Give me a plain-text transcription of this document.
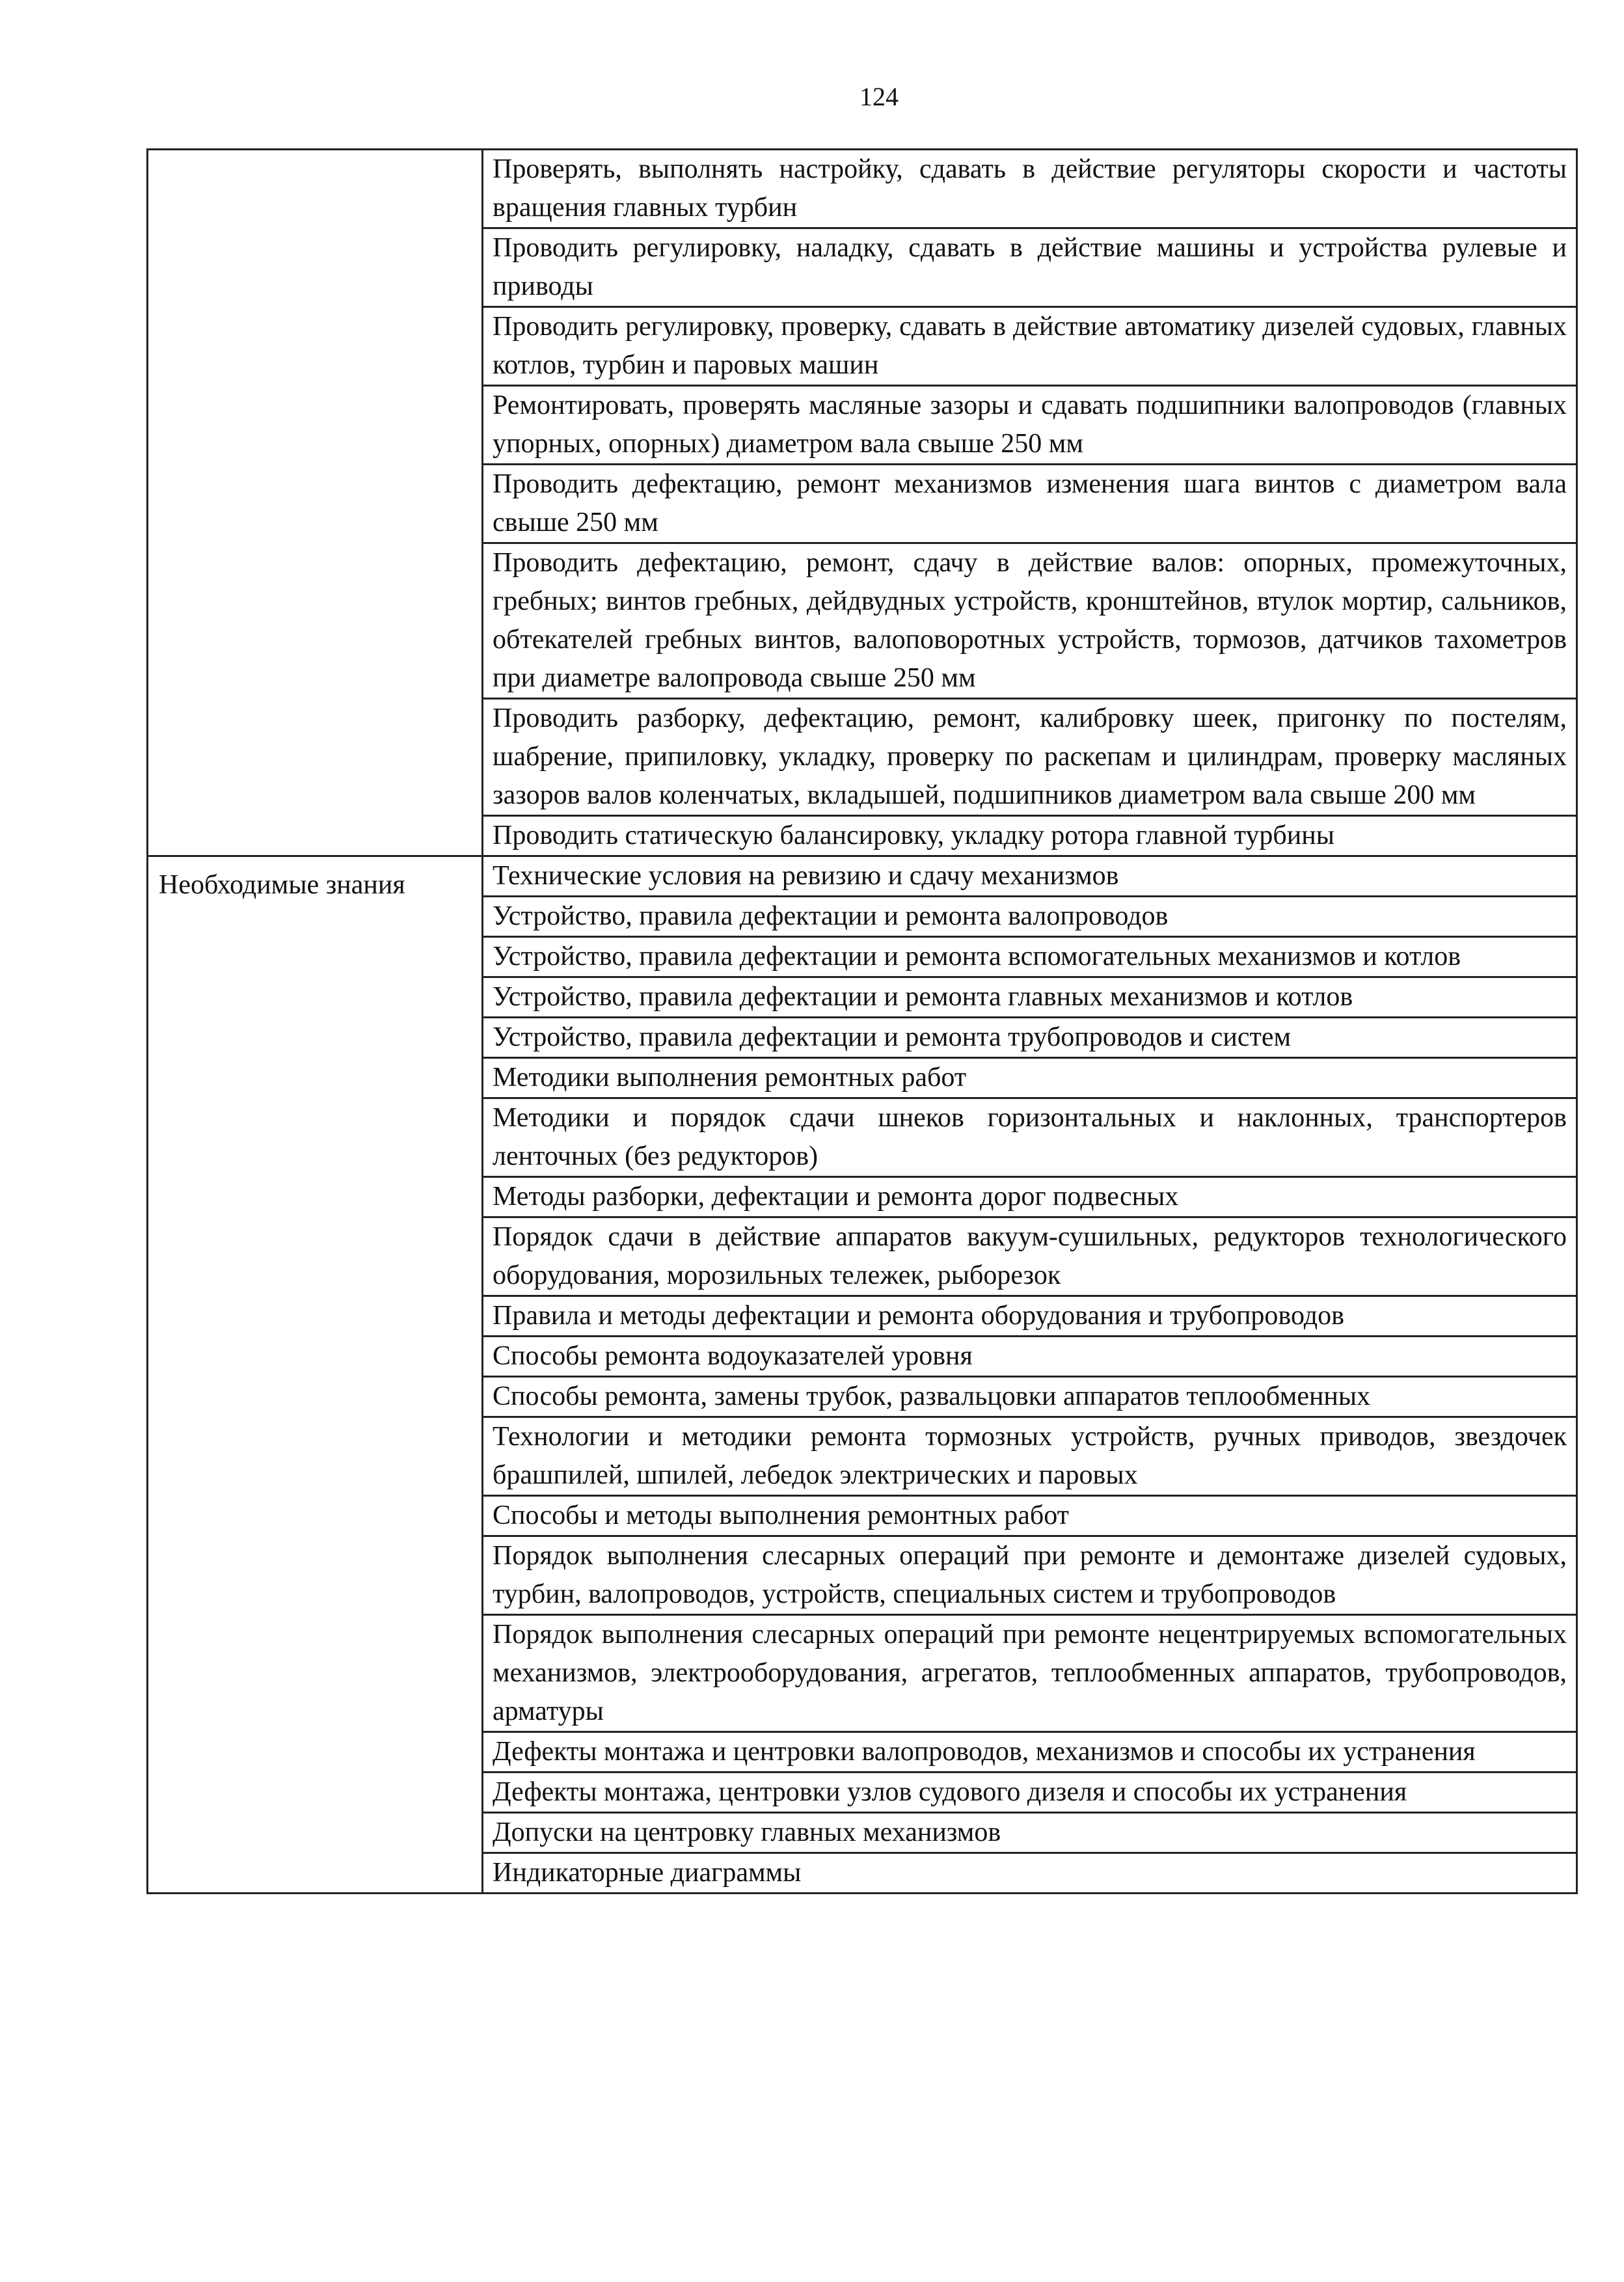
124
	Проверять, выполнять настройку, сдавать в действие регуляторы скорости и частоты вращения главных турбин
	Проводить регулировку, наладку, сдавать в действие машины и устройства рулевые и приводы
	Проводить регулировку, проверку, сдавать в действие автоматику дизелей судовых, главных котлов, турбин и паровых машин
	Ремонтировать, проверять масляные зазоры и сдавать подшипники валопроводов (главных упорных, опорных) диаметром вала свыше 250 мм
	Проводить дефектацию, ремонт механизмов изменения шага винтов с диаметром вала свыше 250 мм
	Проводить дефектацию, ремонт, сдачу в действие валов: опорных, промежуточных, гребных; винтов гребных, дейдвудных устройств, кронштейнов, втулок мортир, сальников, обтекателей гребных винтов, валоповоротных устройств, тормозов, датчиков тахометров при диаметре валопровода свыше 250 мм
	Проводить разборку, дефектацию, ремонт, калибровку шеек, пригонку по постелям, шабрение, припиловку, укладку, проверку по раскепам и цилиндрам, проверку масляных зазоров валов коленчатых, вкладышей, подшипников диаметром вала свыше 200 мм
	Проводить статическую балансировку, укладку ротора главной турбины
Необходимые знания	Технические условия на ревизию и сдачу механизмов
	Устройство, правила дефектации и ремонта валопроводов
	Устройство, правила дефектации и ремонта вспомогательных механизмов и котлов
	Устройство, правила дефектации и ремонта главных механизмов и котлов
	Устройство, правила дефектации и ремонта трубопроводов и систем
	Методики выполнения ремонтных работ
	Методики и порядок сдачи шнеков горизонтальных и наклонных, транспортеров ленточных (без редукторов)
	Методы разборки, дефектации и ремонта дорог подвесных
	Порядок сдачи в действие аппаратов вакуум-сушильных, редукторов технологического оборудования, морозильных тележек, рыборезок
	Правила и методы дефектации и ремонта оборудования и трубопроводов
	Способы ремонта водоуказателей уровня
	Способы ремонта, замены трубок, развальцовки аппаратов теплообменных
	Технологии и методики ремонта тормозных устройств, ручных приводов, звездочек брашпилей, шпилей, лебедок электрических и паровых
	Способы и методы выполнения ремонтных работ
	Порядок выполнения слесарных операций при ремонте и демонтаже дизелей судовых, турбин, валопроводов, устройств, специальных систем и трубопроводов
	Порядок выполнения слесарных операций при ремонте нецентрируемых вспомогательных механизмов, электрооборудования, агрегатов, теплообменных аппаратов, трубопроводов, арматуры
	Дефекты монтажа и центровки валопроводов, механизмов и способы их устранения
	Дефекты монтажа, центровки узлов судового дизеля и способы их устранения
	Допуски на центровку главных механизмов
	Индикаторные диаграммы
